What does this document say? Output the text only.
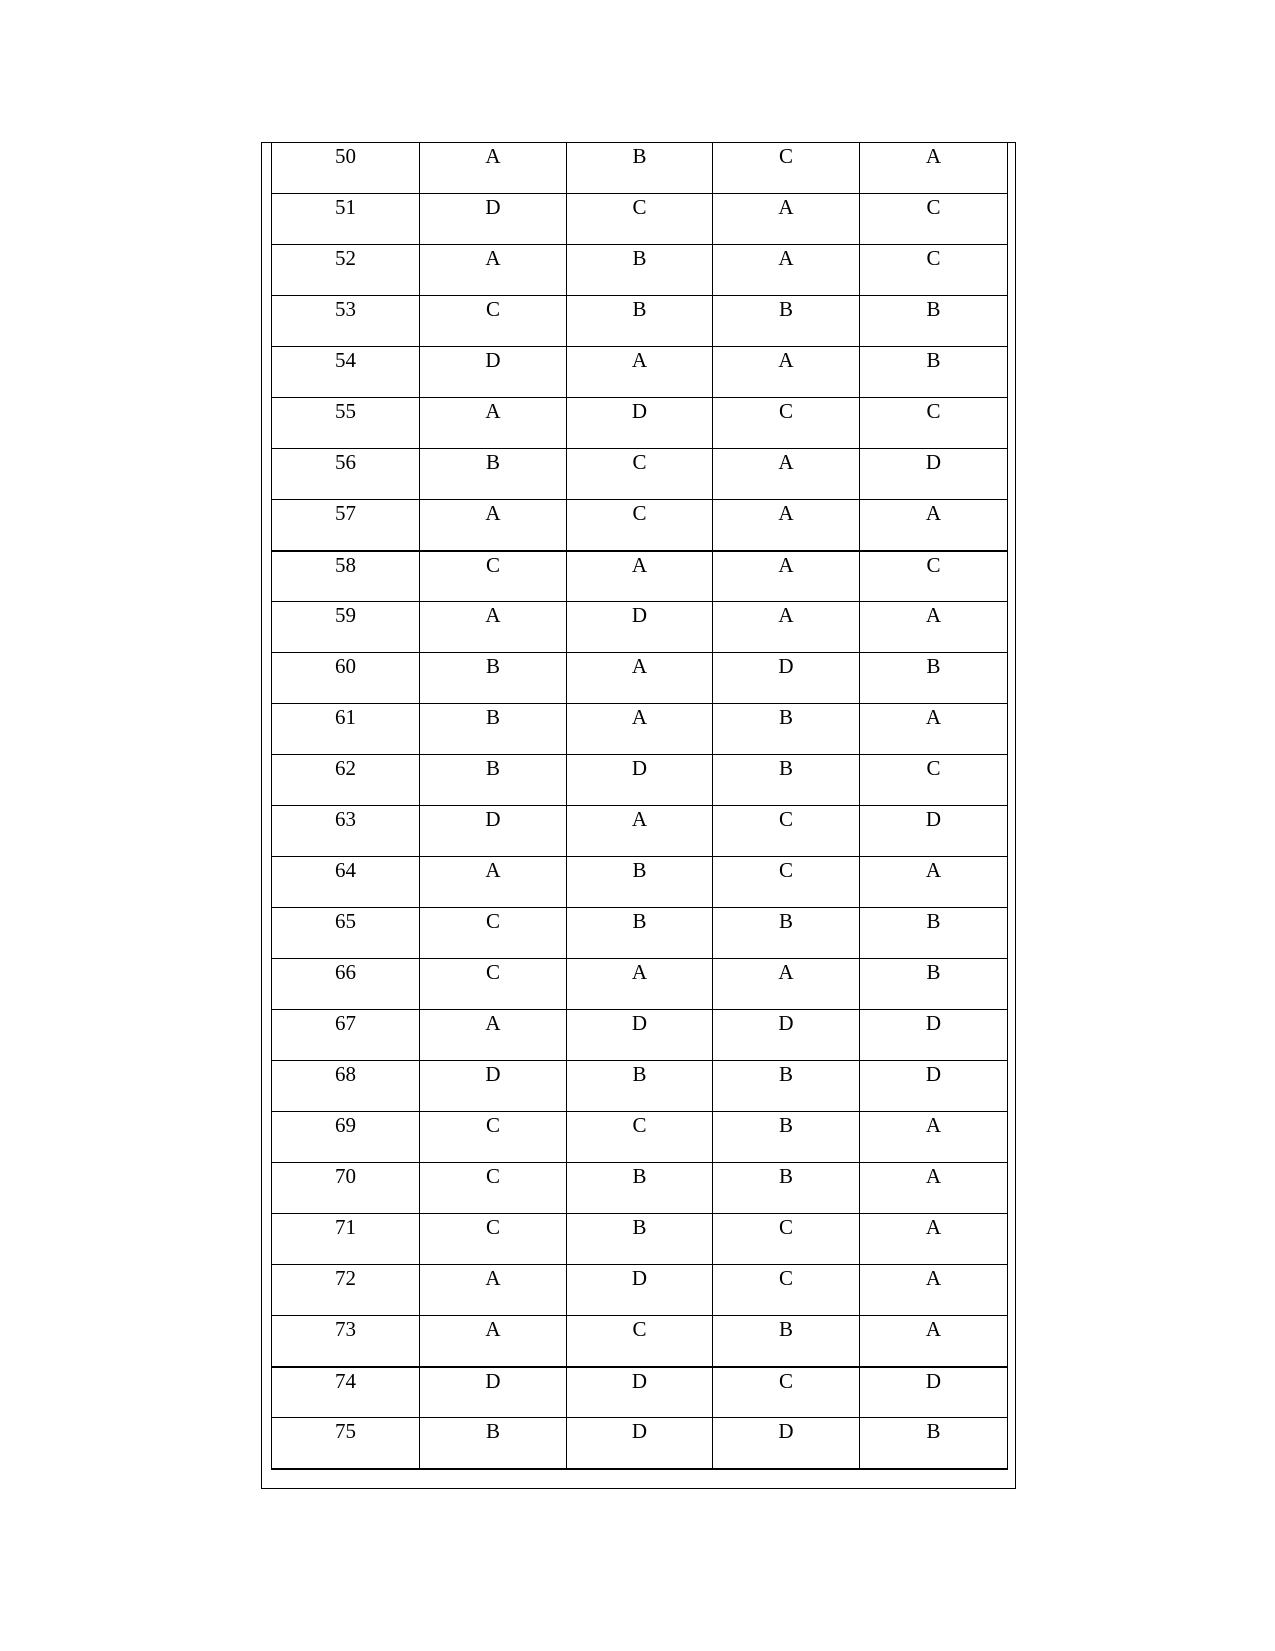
50	A	B	C	A
51	D	C	A	C
52	A	B	A	C
53	C	B	B	B
54	D	A	A	B
55	A	D	C	C
56	B	C	A	D
57	A	C	A	A
58	C	A	A	C
59	A	D	A	A
60	B	A	D	B
61	B	A	B	A
62	B	D	B	C
63	D	A	C	D
64	A	B	C	A
65	C	B	B	B
66	C	A	A	B
67	A	D	D	D
68	D	B	B	D
69	C	C	B	A
70	C	B	B	A
71	C	B	C	A
72	A	D	C	A
73	A	C	B	A
74	D	D	C	D
75	B	D	D	B
